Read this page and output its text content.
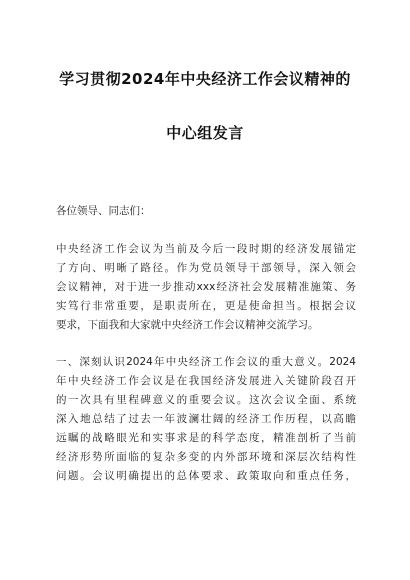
学习贯彻2024年中央经济工作会议精神的
中心组发言
各位领导、同志们：
中央经济工作会议为当前及今后一段时期的经济发展锚定
了方向、明晰了路径。作为党员领导干部领导，深入领会
会议精神，对于进一步推动xxx经济社会发展精准施策、务
实笃行非常重要，是职责所在，更是使命担当。根据会议
要求，下面我和大家就中央经济工作会议精神交流学习。
一、深刻认识2024年中央经济工作会议的重大意义。2024
年中央经济工作会议是在我国经济发展进入关键阶段召开
的一次具有里程碑意义的重要会议。这次会议全面、系统
深入地总结了过去一年波澜壮阔的经济工作历程，以高瞻
远瞩的战略眼光和实事求是的科学态度，精准剖析了当前
经济形势所面临的复杂多变的内外部环境和深层次结构性
问题。会议明确提出的总体要求、政策取向和重点任务，
